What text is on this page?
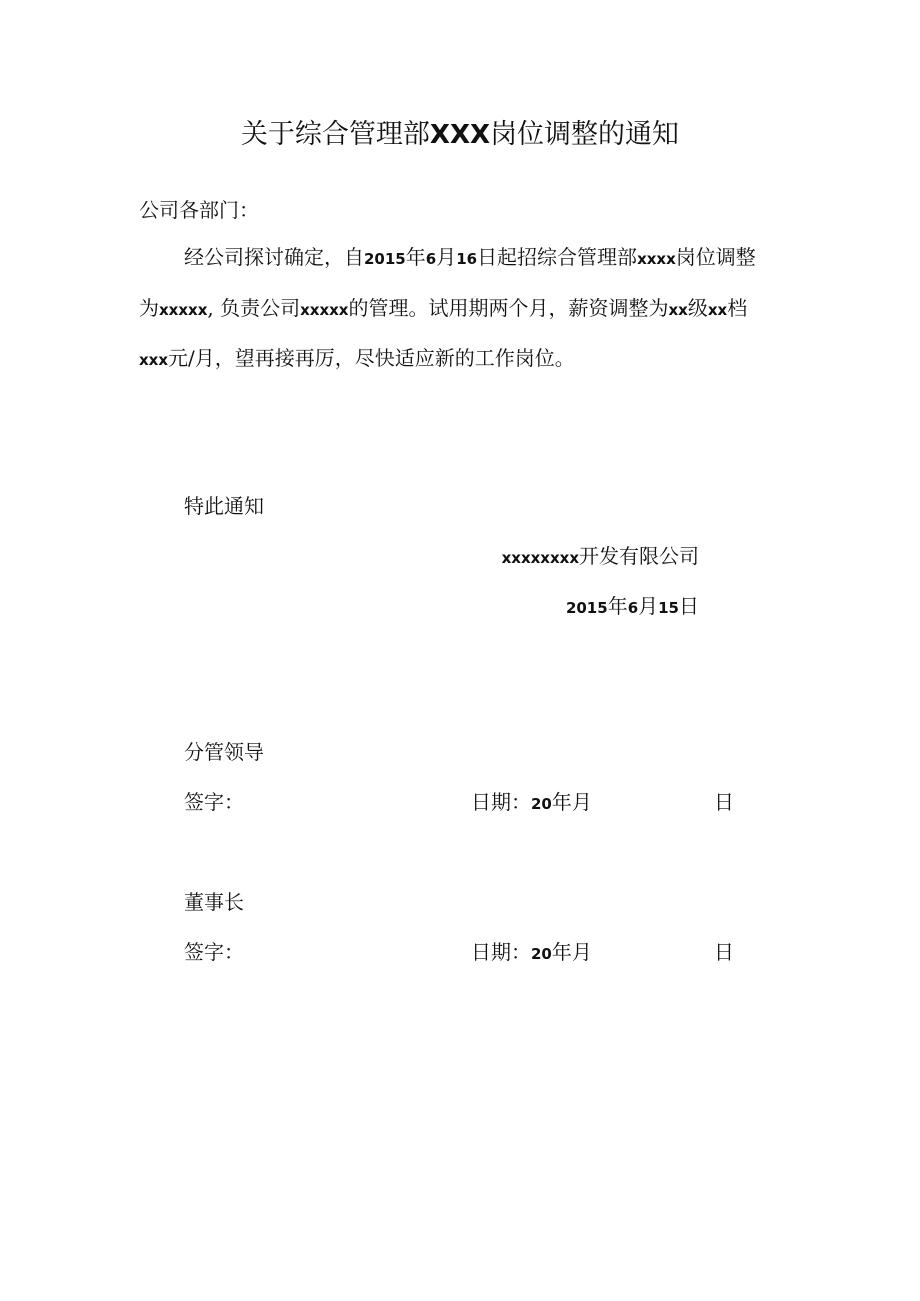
关于综合管理部XXX岗位调整的通知
公司各部门：
经公司探讨确定，自2015年6月16日起招综合管理部xxxx岗位调整
为xxxxx, 负责公司xxxxx的管理。试用期两个月，薪资调整为xx级xx档
xxx元/月，望再接再厉，尽快适应新的工作岗位。
特此通知
xxxxxxxx开发有限公司
2015年6月15日
分管领导
签字：	日期：20年月	日
董事长
签字：	日期：20年月	日
